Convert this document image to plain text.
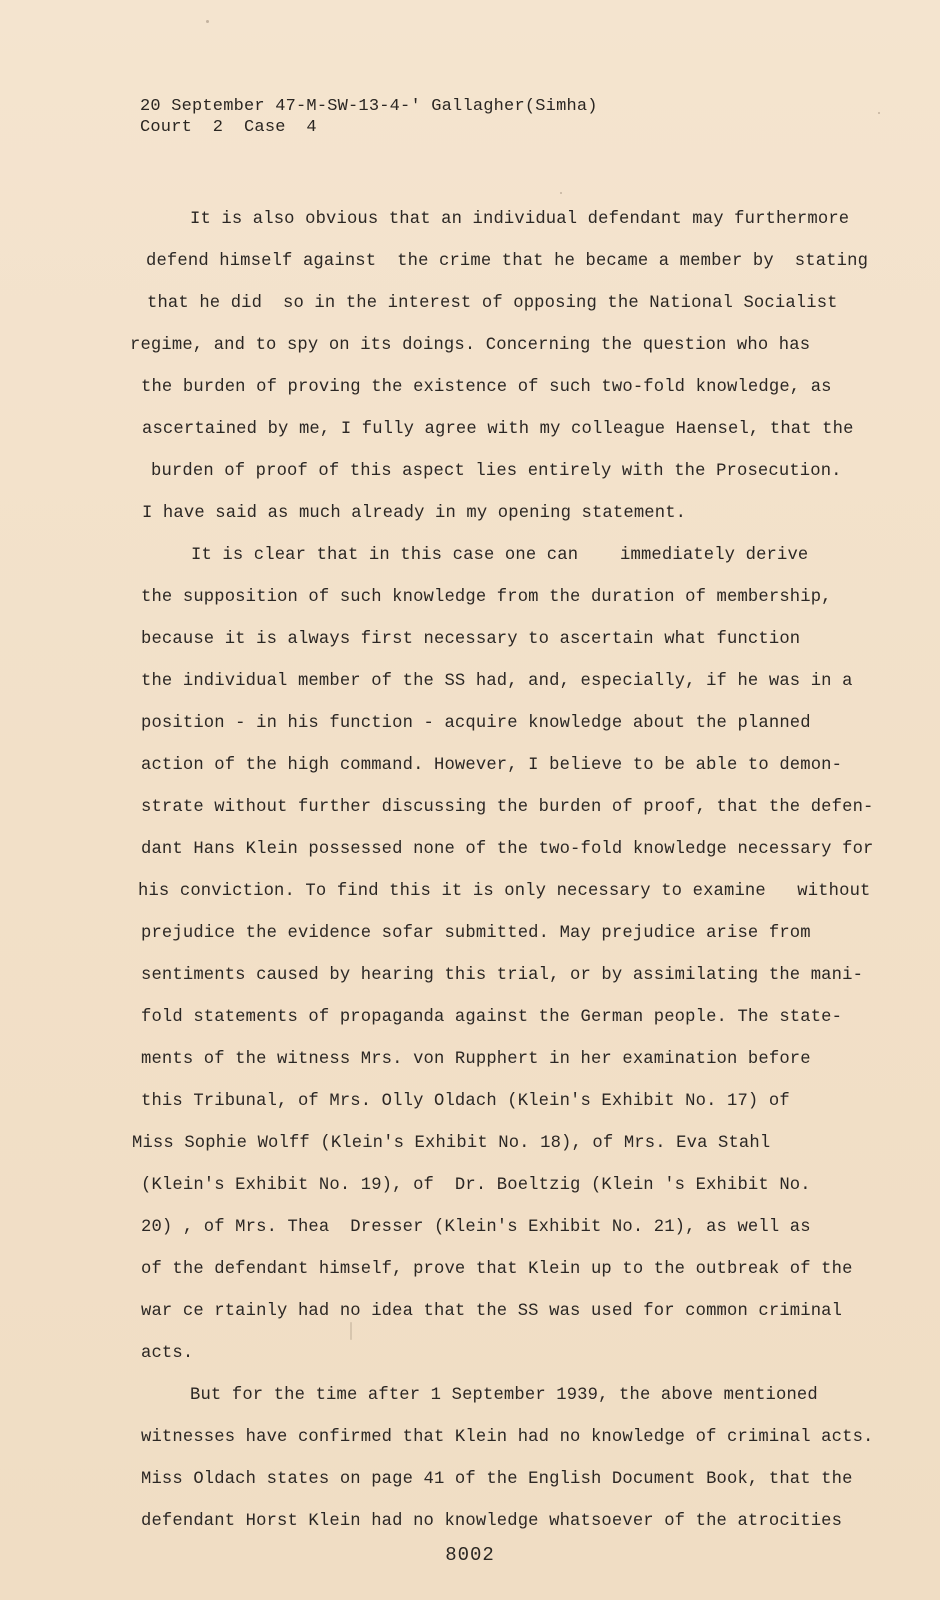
20 September 47-M-SW-13-4-' Gallagher(Simha)
Court  2  Case  4
It is also obvious that an individual defendant may furthermore
defend himself against  the crime that he became a member by  stating
that he did  so in the interest of opposing the National Socialist
regime, and to spy on its doings. Concerning the question who has
the burden of proving the existence of such two-fold knowledge, as
ascertained by me, I fully agree with my colleague Haensel, that the
burden of proof of this aspect lies entirely with the Prosecution.
I have said as much already in my opening statement.
It is clear that in this case one can    immediately derive
the supposition of such knowledge from the duration of membership,
because it is always first necessary to ascertain what function
the individual member of the SS had, and, especially, if he was in a
position - in his function - acquire knowledge about the planned
action of the high command. However, I believe to be able to demon-
strate without further discussing the burden of proof, that the defen-
dant Hans Klein possessed none of the two-fold knowledge necessary for
his conviction. To find this it is only necessary to examine   without
prejudice the evidence sofar submitted. May prejudice arise from
sentiments caused by hearing this trial, or by assimilating the mani-
fold statements of propaganda against the German people. The state-
ments of the witness Mrs. von Rupphert in her examination before
this Tribunal, of Mrs. Olly Oldach (Klein's Exhibit No. 17) of
Miss Sophie Wolff (Klein's Exhibit No. 18), of Mrs. Eva Stahl
(Klein's Exhibit No. 19), of  Dr. Boeltzig (Klein 's Exhibit No.
20) , of Mrs. Thea  Dresser (Klein's Exhibit No. 21), as well as
of the defendant himself, prove that Klein up to the outbreak of the
war ce rtainly had no idea that the SS was used for common criminal
acts.
But for the time after 1 September 1939, the above mentioned
witnesses have confirmed that Klein had no knowledge of criminal acts.
Miss Oldach states on page 41 of the English Document Book, that the
defendant Horst Klein had no knowledge whatsoever of the atrocities
8002
